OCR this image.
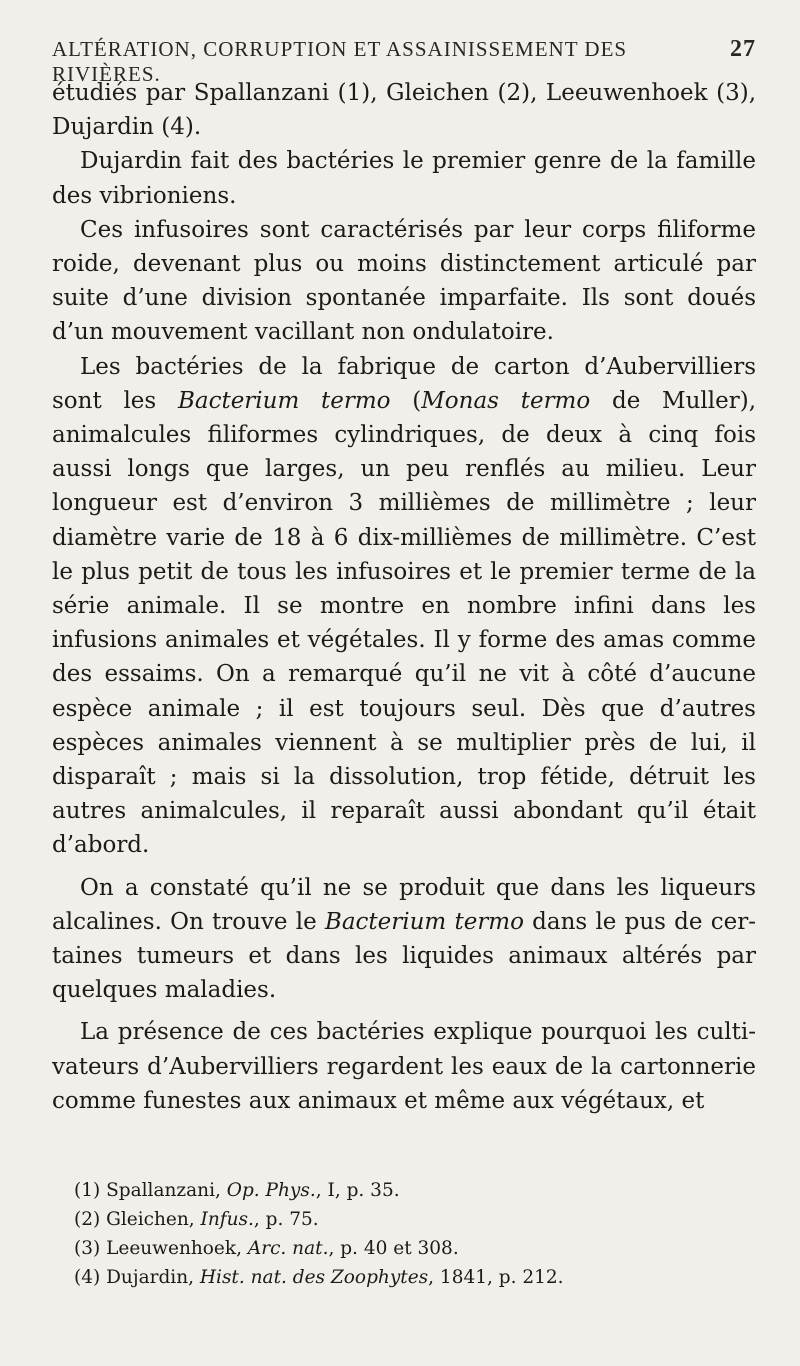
ALTÉRATION, CORRUPTION ET ASSAINISSEMENT DES RIVIÈRES.
27

étudiés par Spallanzani (1), Gleichen (2), Leeuwenhoek (3), Dujardin (4).

Dujardin fait des bactéries le premier genre de la famille des vibrioniens.

Ces infusoires sont caractérisés par leur corps filiforme roide, devenant plus ou moins distinctement articulé par suite d’une division spontanée imparfaite. Ils sont doués d’un mouvement vacillant non ondulatoire.

Les bactéries de la fabrique de carton d’Aubervilliers sont les Bacterium termo (Monas termo de Muller), animalcules filiformes cylindriques, de deux à cinq fois aussi longs que larges, un peu renflés au milieu. Leur longueur est d’environ 3 millièmes de millimètre ; leur diamètre varie de 18 à 6 dix-millièmes de millimètre. C’est le plus petit de tous les infusoires et le premier terme de la série animale. Il se montre en nombre infini dans les infusions animales et végétales. Il y forme des amas comme des essaims. On a remarqué qu’il ne vit à côté d’aucune espèce animale ; il est toujours seul. Dès que d’autres espèces animales viennent à se multiplier près de lui, il disparaît ; mais si la dissolution, trop fétide, détruit les autres animalcules, il reparaît aussi abondant qu’il était d’abord.

On a constaté qu’il ne se produit que dans les liqueurs alcalines. On trouve le Bacterium termo dans le pus de certaines tumeurs et dans les liquides animaux altérés par quelques maladies.

La présence de ces bactéries explique pourquoi les cultivateurs d’Aubervilliers regardent les eaux de la cartonnerie comme funestes aux animaux et même aux végétaux, et

(1) Spallanzani, Op. Phys., I, p. 35.
(2) Gleichen, Infus., p. 75.
(3) Leeuwenhoek, Arc. nat., p. 40 et 308.
(4) Dujardin, Hist. nat. des Zoophytes, 1841, p. 212.
